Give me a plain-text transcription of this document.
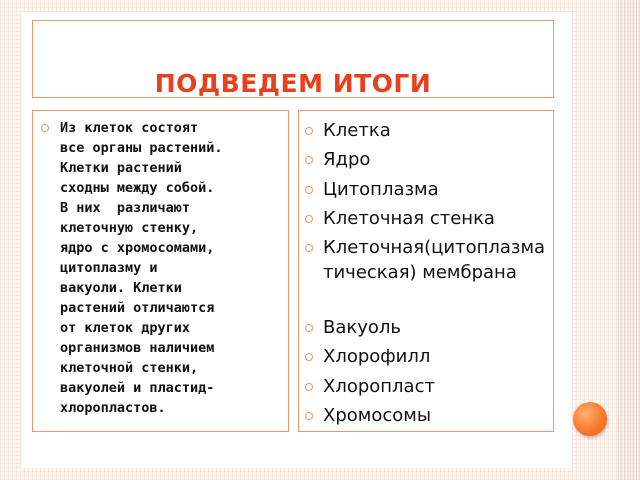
ПОДВЕДЕМ ИТОГИ

Из клеток состоят
все органы растений.
Клетки растений
сходны между собой.
В них  различают
клеточную стенку,
ядро с хромосомами,
цитоплазму и
вакуоли. Клетки
растений отличаются
от клеток других
организмов наличием
клеточной стенки,
вакуолей и пластид-
хлоропластов.

Клетка
Ядро
Цитоплазма
Клеточная стенка
Клеточная(цитоплазматическая) мембрана
Вакуоль
Хлорофилл
Хлоропласт
Хромосомы
